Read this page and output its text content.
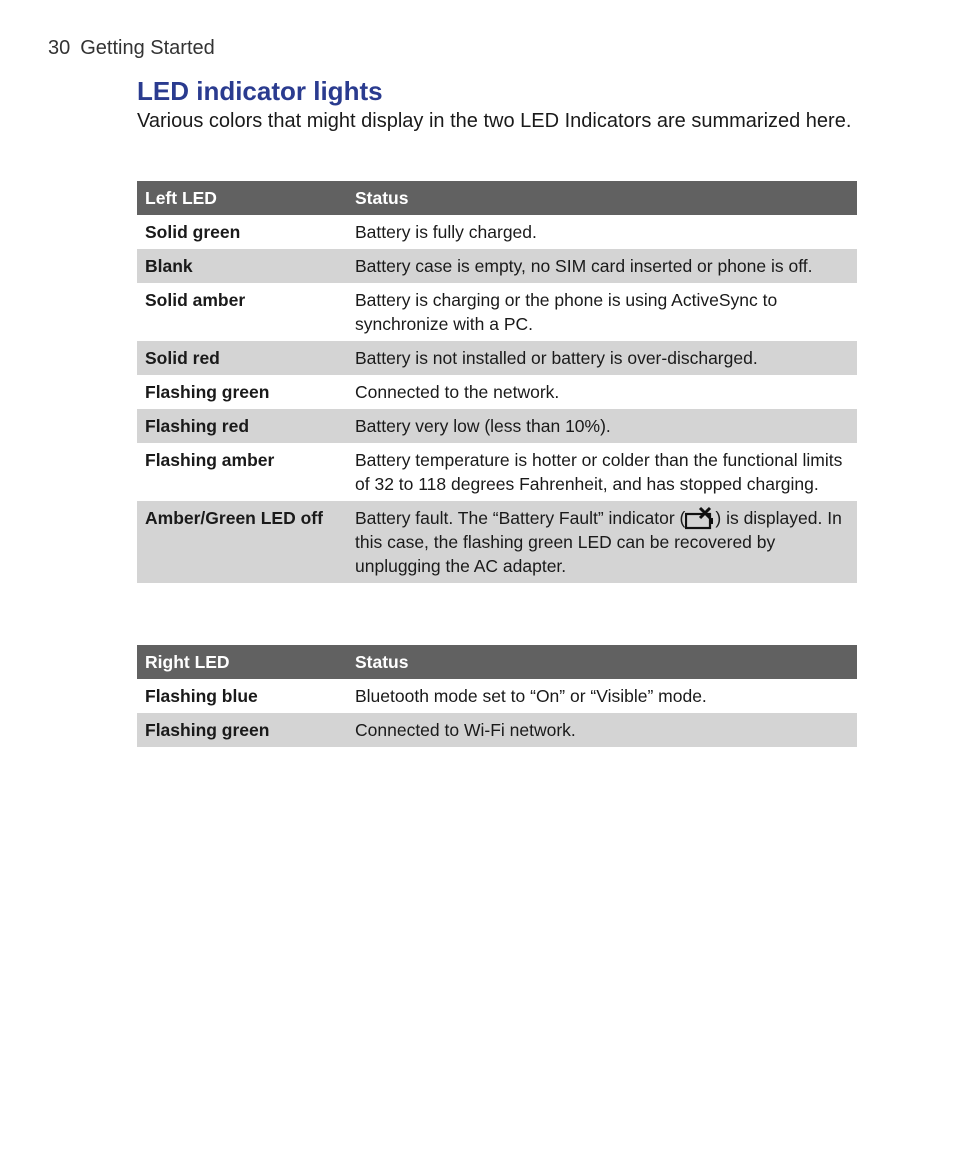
30 Getting Started
LED indicator lights

Various colors that might display in the two LED Indicators are summarized here.

Left LED	Status
Solid green	Battery is fully charged.
Blank	Battery case is empty, no SIM card inserted or phone is off.
Solid amber	Battery is charging or the phone is using ActiveSync to synchronize with a PC.
Solid red	Battery is not installed or battery is over-discharged.
Flashing green	Connected to the network.
Flashing red	Battery very low (less than 10%).
Flashing amber	Battery temperature is hotter or colder than the functional limits of 32 to 118 degrees Fahrenheit, and has stopped charging.
Amber/Green LED off	Battery fault. The “Battery Fault” indicator ( ) is displayed. In this case, the flashing green LED can be recovered by unplugging the AC adapter.
Right LED	Status
Flashing blue	Bluetooth mode set to “On” or “Visible” mode.
Flashing green	Connected to Wi-Fi network.
